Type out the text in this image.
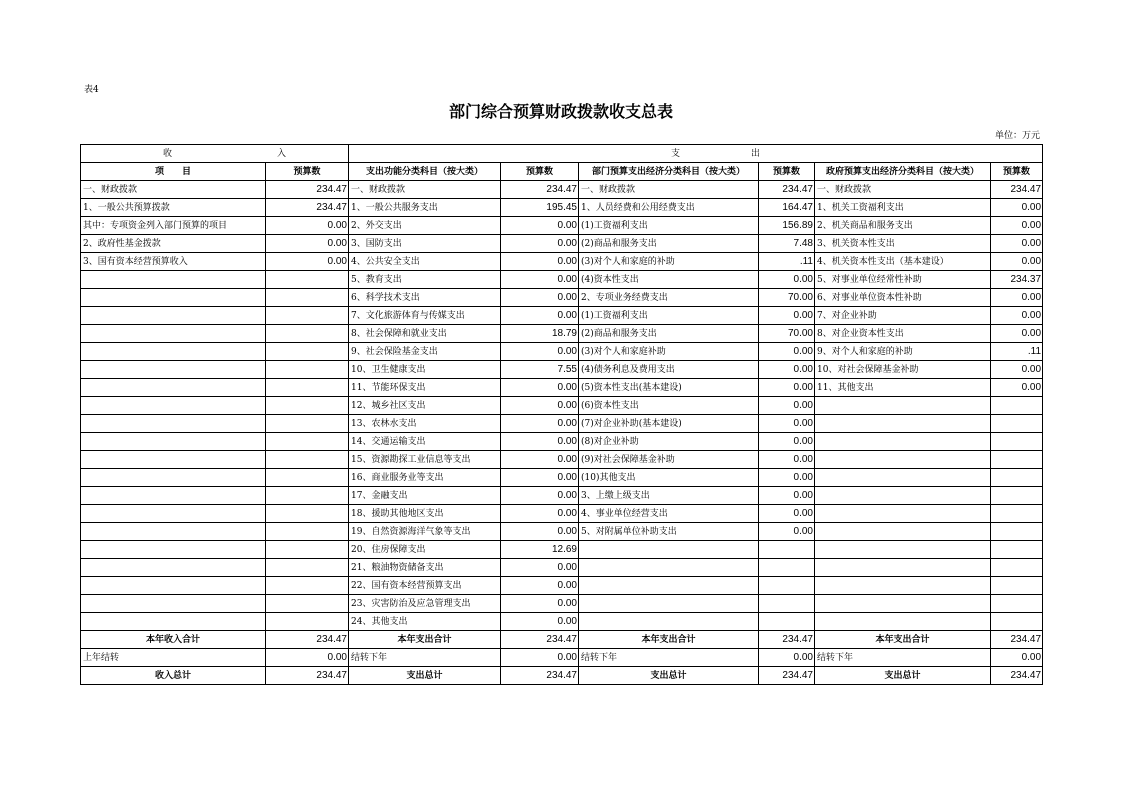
表4
部门综合预算财政拨款收支总表
单位：万元
收 入		支 出					

项　　目	预算数	支出功能分类科目（按大类）	预算数	部门预算支出经济分类科目（按大类）	预算数	政府预算支出经济分类科目（按大类）	预算数
一、财政拨款	234.47	一、财政拨款	234.47	一、财政拨款	234.47	一、财政拨款	234.47
1、一般公共预算拨款	234.47	1、一般公共服务支出	195.45	1、人员经费和公用经费支出	164.47	1、机关工资福利支出	0.00
其中：专项资金列入部门预算的项目	0.00	2、外交支出	0.00	(1)工资福利支出	156.89	2、机关商品和服务支出	0.00
2、政府性基金拨款	0.00	3、国防支出	0.00	(2)商品和服务支出	7.48	3、机关资本性支出	0.00
3、国有资本经营预算收入	0.00	4、公共安全支出	0.00	(3)对个人和家庭的补助	.11	4、机关资本性支出（基本建设）	0.00
		5、教育支出	0.00	(4)资本性支出	0.00	5、对事业单位经常性补助	234.37
		6、科学技术支出	0.00	2、专项业务经费支出	70.00	6、对事业单位资本性补助	0.00
		7、文化旅游体育与传媒支出	0.00	(1)工资福利支出	0.00	7、对企业补助	0.00
		8、社会保障和就业支出	18.79	(2)商品和服务支出	70.00	8、对企业资本性支出	0.00
		9、社会保险基金支出	0.00	(3)对个人和家庭补助	0.00	9、对个人和家庭的补助	.11
		10、卫生健康支出	7.55	(4)债务利息及费用支出	0.00	10、对社会保障基金补助	0.00
		11、节能环保支出	0.00	(5)资本性支出(基本建设)	0.00	11、其他支出	0.00
		12、城乡社区支出	0.00	(6)资本性支出	0.00		
		13、农林水支出	0.00	(7)对企业补助(基本建设)	0.00		
		14、交通运输支出	0.00	(8)对企业补助	0.00		
		15、资源勘探工业信息等支出	0.00	(9)对社会保障基金补助	0.00		
		16、商业服务业等支出	0.00	(10)其他支出	0.00		
		17、金融支出	0.00	3、上缴上级支出	0.00		
		18、援助其他地区支出	0.00	4、事业单位经营支出	0.00		
		19、自然资源海洋气象等支出	0.00	5、对附属单位补助支出	0.00		
		20、住房保障支出	12.69				
		21、粮油物资储备支出	0.00				
		22、国有资本经营预算支出	0.00				
		23、灾害防治及应急管理支出	0.00				
		24、其他支出	0.00				
本年收入合计	234.47	本年支出合计	234.47	本年支出合计	234.47	本年支出合计	234.47
上年结转	0.00	结转下年	0.00	结转下年	0.00	结转下年	0.00
收入总计	234.47	支出总计	234.47	支出总计	234.47	支出总计	234.47
